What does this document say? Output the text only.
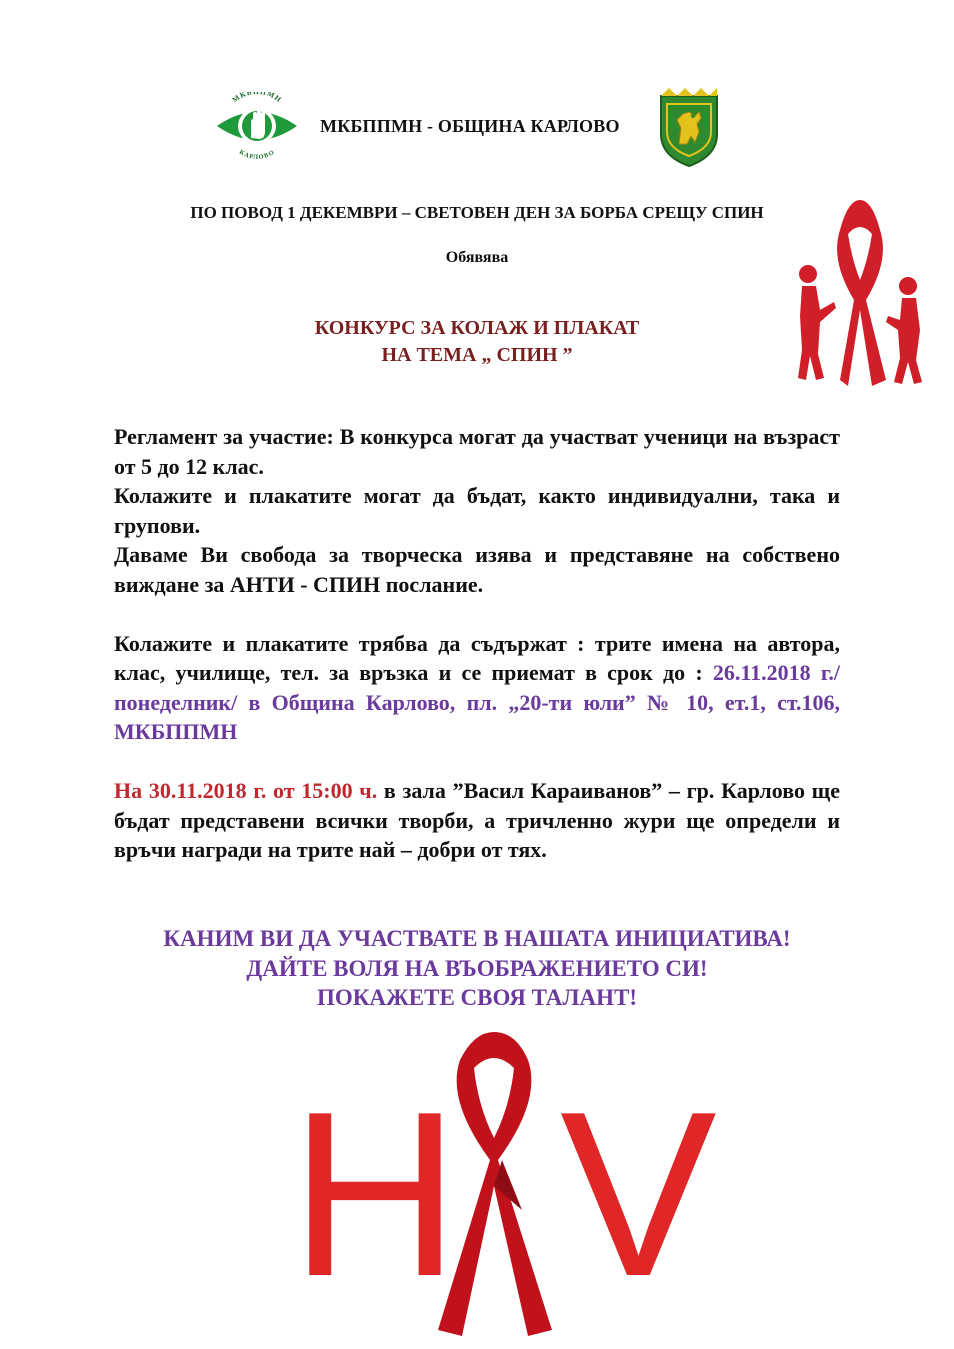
МКБ ПМН
КАРЛОВО
МКБППМН - ОБЩИНА КАРЛОВО
ПО ПОВОД 1 ДЕКЕМВРИ – СВЕТОВЕН ДЕН ЗА БОРБА СРЕЩУ СПИН
Обявява
КОНКУРС ЗА КОЛАЖ И ПЛАКАТ
НА ТЕМА „ СПИН ”

Регламент за участие: В конкурса могат да участват ученици на възраст от 5 до 12 клас.

Колажите и плакатите могат да бъдат, както индивидуални, така и групови.

Даваме Ви свобода за творческа изява и представяне на собствено виждане за АНТИ - СПИН послание.

Колажите и плакатите трябва да съдържат : трите имена на автора, клас, училище, тел. за връзка и се приемат в срок до : 26.11.2018 г./понеделник/ в Община Карлово, пл. „20-ти юли” № 10, ет.1, ст.106, МКБППМН

На 30.11.2018 г. от 15:00 ч. в зала ”Васил Караиванов” – гр. Карлово ще бъдат представени всички творби, а тричленно жури ще определи и връчи награди на трите най – добри от тях.

КАНИМ ВИ ДА УЧАСТВАТЕ В НАШАТА ИНИЦИАТИВА!
ДАЙТЕ ВОЛЯ НА ВЪОБРАЖЕНИЕТО СИ!
ПОКАЖЕТЕ СВОЯ ТАЛАНТ!
H V
